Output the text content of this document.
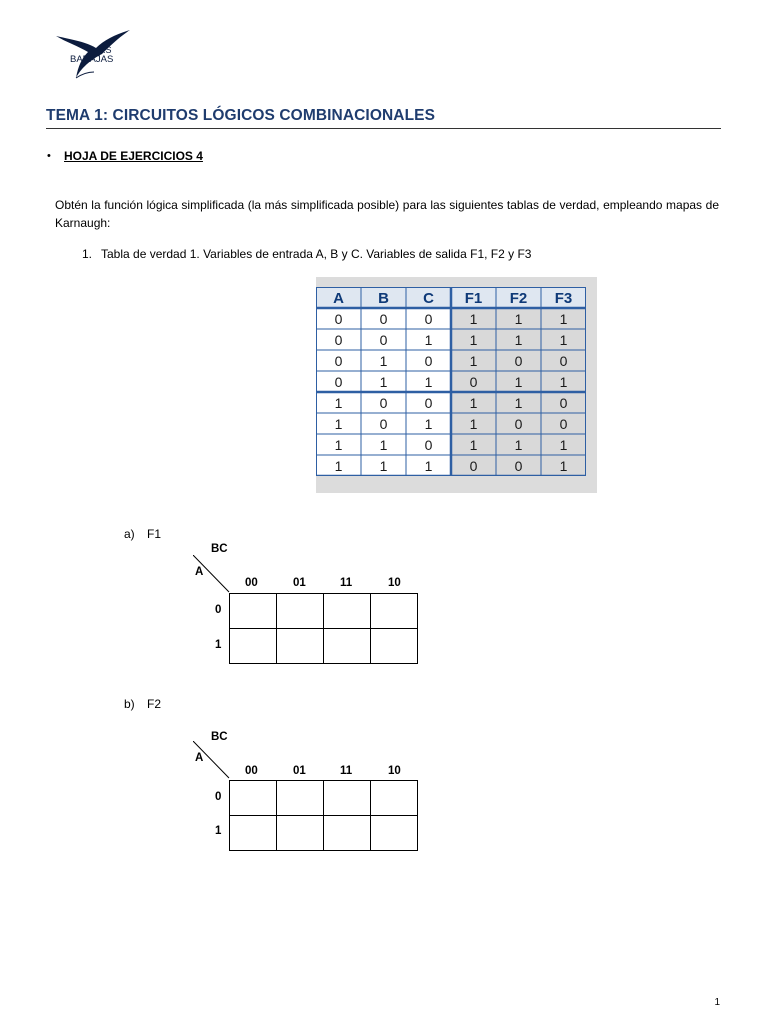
I.E.S
BARAJAS
TEMA 1: CIRCUITOS LÓGICOS COMBINACIONALES
• HOJA DE EJERCICIOS 4
Obtén la función lógica simplificada (la más simplificada posible) para las siguientes tablas de verdad, empleando mapas de Karnaugh:
1. Tabla de verdad 1. Variables de entrada A, B y C. Variables de salida F1, F2 y F3
A B C F1 F2 F3
0	0	0	1	1	1
0	0	1	1	1	1
0	1	0	1	0	0
0	1	1	0	1	1
1	0	0	1	1	0
1	0	1	1	0	0
1	1	0	1	1	1
1	1	1	0	0	1
a) F1
BC
A
00	01	11	10
0
1

b) F2
BC
A
00	01	11	10
0
1

1
